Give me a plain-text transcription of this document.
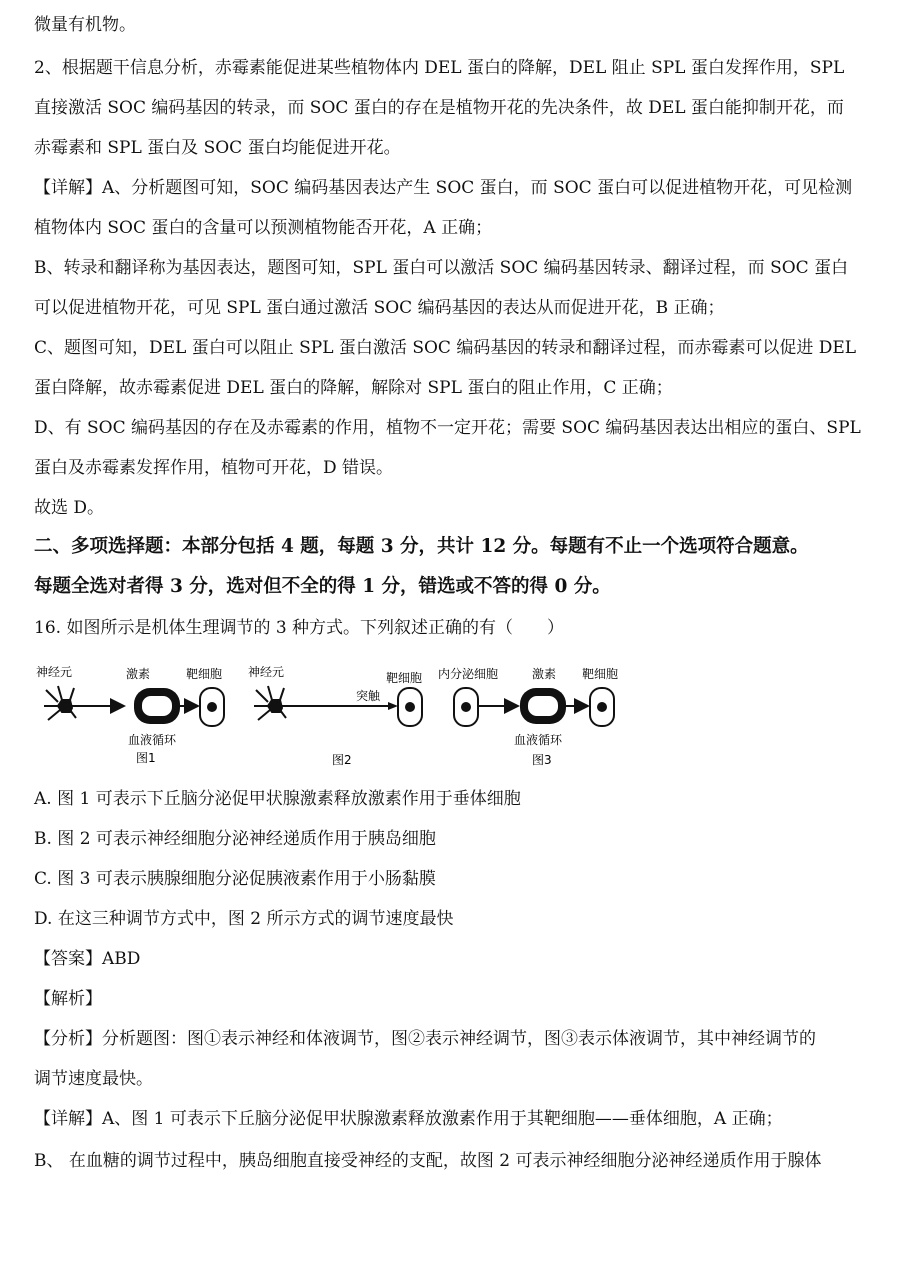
微量有机物。
2、根据题干信息分析，赤霉素能促进某些植物体内 DEL 蛋白的降解，DEL 阻止 SPL 蛋白发挥作用，SPL
直接激活 SOC 编码基因的转录，而 SOC 蛋白的存在是植物开花的先决条件，故 DEL 蛋白能抑制开花，而
赤霉素和 SPL 蛋白及 SOC 蛋白均能促进开花。
【详解】A、分析题图可知，SOC 编码基因表达产生 SOC 蛋白，而 SOC 蛋白可以促进植物开花，可见检测
植物体内 SOC 蛋白的含量可以预测植物能否开花，A 正确；
B、转录和翻译称为基因表达，题图可知，SPL 蛋白可以激活 SOC 编码基因转录、翻译过程，而 SOC 蛋白
可以促进植物开花，可见 SPL 蛋白通过激活 SOC 编码基因的表达从而促进开花，B 正确；
C、题图可知，DEL 蛋白可以阻止 SPL 蛋白激活 SOC 编码基因的转录和翻译过程，而赤霉素可以促进 DEL
蛋白降解，故赤霉素促进 DEL 蛋白的降解，解除对 SPL 蛋白的阻止作用，C 正确；
D、有 SOC 编码基因的存在及赤霉素的作用，植物不一定开花；需要 SOC 编码基因表达出相应的蛋白、SPL
蛋白及赤霉素发挥作用，植物可开花，D 错误。
故选 D。
二、多项选择题：本部分包括 4 题，每题 3 分，共计 12 分。每题有不止一个选项符合题意。
每题全选对者得 3 分，选对但不全的得 1 分，错选或不答的得 0 分。
16. 如图所示是机体生理调节的 3 种方式。下列叙述正确的有（　　）
神经元	激素	靶细胞
血液循环
图1
神经元
突触
靶细胞
图2
内分泌细胞	激素 靶细胞
血液循环
图3
A. 图 1 可表示下丘脑分泌促甲状腺激素释放激素作用于垂体细胞
B. 图 2 可表示神经细胞分泌神经递质作用于胰岛细胞
C. 图 3 可表示胰腺细胞分泌促胰液素作用于小肠黏膜
D. 在这三种调节方式中，图 2 所示方式的调节速度最快
【答案】ABD
【解析】
【分析】分析题图：图①表示神经和体液调节，图②表示神经调节，图③表示体液调节，其中神经调节的
调节速度最快。
【详解】A、图 1 可表示下丘脑分泌促甲状腺激素释放激素作用于其靶细胞——垂体细胞，A 正确；
B、 在血糖的调节过程中，胰岛细胞直接受神经的支配，故图 2 可表示神经细胞分泌神经递质作用于腺体
